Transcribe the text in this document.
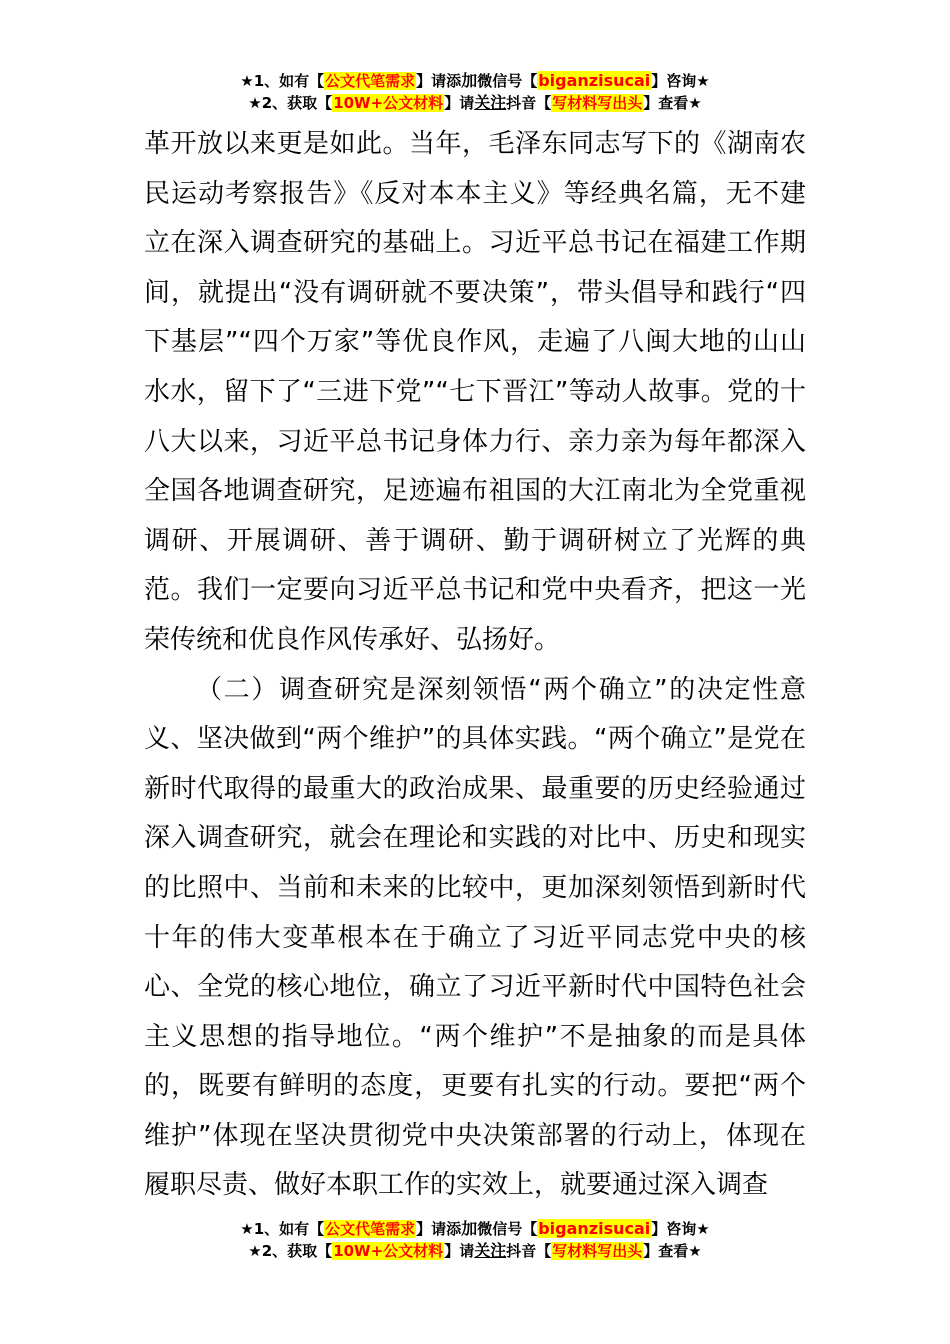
★1、如有【公文代笔需求】请添加微信号【biganzisucai】咨询★
★2、获取【10W+公文材料】请关注抖音【写材料写出头】查看★

革开放以来更是如此。当年，毛泽东同志写下的《湖南农民运动考察报告》《反对本本主义》等经典名篇，无不建立在深入调查研究的基础上。习近平总书记在福建工作期间，就提出“没有调研就不要决策”，带头倡导和践行“四下基层”“四个万家”等优良作风，走遍了八闽大地的山山水水，留下了“三进下党”“七下晋江”等动人故事。党的十八大以来，习近平总书记身体力行、亲力亲为每年都深入全国各地调查研究，足迹遍布祖国的大江南北为全党重视调研、开展调研、善于调研、勤于调研树立了光辉的典范。我们一定要向习近平总书记和党中央看齐，把这一光荣传统和优良作风传承好、弘扬好。

（二）调查研究是深刻领悟“两个确立”的决定性意义、坚决做到“两个维护”的具体实践。“两个确立”是党在新时代取得的最重大的政治成果、最重要的历史经验通过深入调查研究，就会在理论和实践的对比中、历史和现实的比照中、当前和未来的比较中，更加深刻领悟到新时代十年的伟大变革根本在于确立了习近平同志党中央的核心、全党的核心地位，确立了习近平新时代中国特色社会主义思想的指导地位。“两个维护”不是抽象的而是具体的，既要有鲜明的态度，更要有扎实的行动。要把“两个维护”体现在坚决贯彻党中央决策部署的行动上，体现在履职尽责、做好本职工作的实效上，就要通过深入调查

★1、如有【公文代笔需求】请添加微信号【biganzisucai】咨询★
★2、获取【10W+公文材料】请关注抖音【写材料写出头】查看★
